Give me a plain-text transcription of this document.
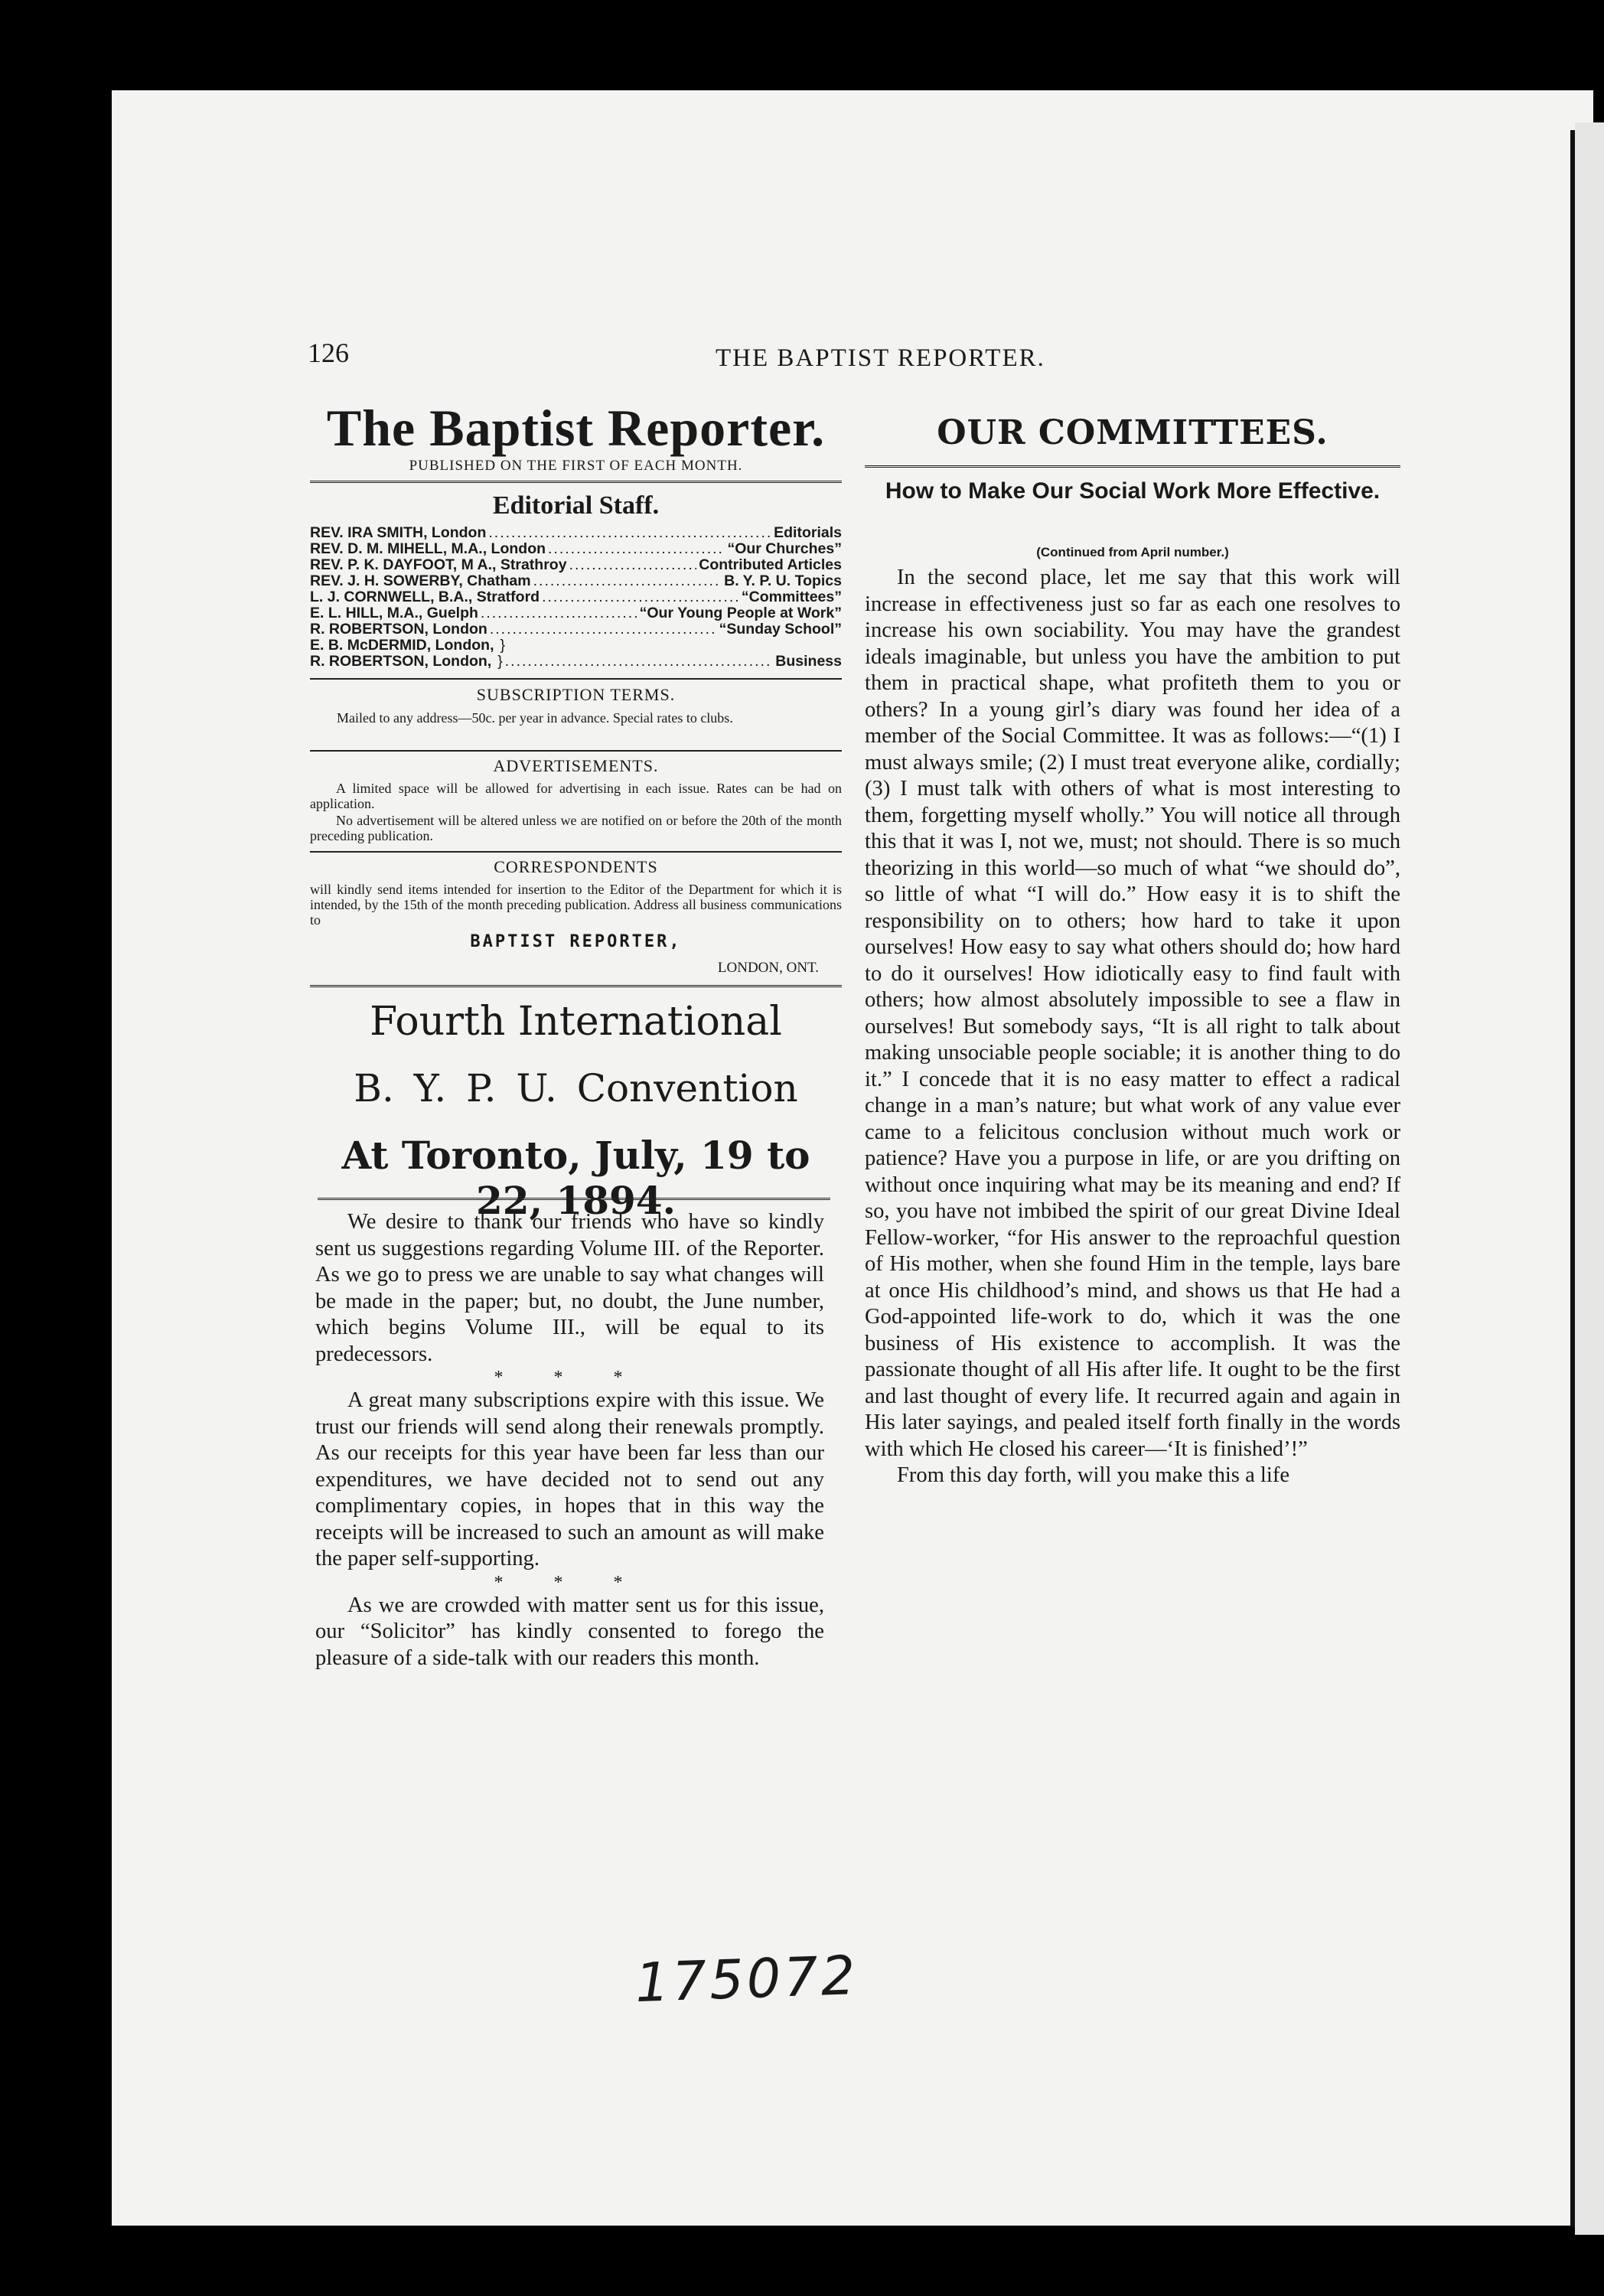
126	THE BAPTIST REPORTER.
The Baptist Reporter.
PUBLISHED ON THE FIRST OF EACH MONTH.
Editorial Staff.
REV. IRA SMITH, London .....	Editorials
REV. D. M. MIHELL, M.A., London .....	“Our Churches”
REV. P. K. DAYFOOT, M A., Strathroy .....	Contributed Articles
REV. J. H. SOWERBY, Chatham .....	B. Y. P. U. Topics
L. J. CORNWELL, B.A., Stratford .....	“Committees”
E. L. HILL, M.A., Guelph .....	“Our Young People at Work”
R. ROBERTSON, London .....	“Sunday School”
E. B. McDERMID, London, }
R. ROBERTSON, London, } .....	Business
SUBSCRIPTION TERMS.
Mailed to any address—50c. per year in advance. Special rates to clubs.
ADVERTISEMENTS.
A limited space will be allowed for advertising in each issue. Rates can be had on application.
No advertisement will be altered unless we are notified on or before the 20th of the month preceding publication.
CORRESPONDENTS
will kindly send items intended for insertion to the Editor of the Department for which it is intended, by the 15th of the month preceding publication. Address all business communications to
BAPTIST REPORTER,
LONDON, ONT.
Fourth International
B. Y. P. U. Convention
At Toronto, July, 19 to 22, 1894.

We desire to thank our friends who have so kindly sent us suggestions regarding Volume III. of the Reporter. As we go to press we are unable to say what changes will be made in the paper; but, no doubt, the June number, which begins Volume III., will be equal to its predecessors.

* * *

A great many subscriptions expire with this issue. We trust our friends will send along their renewals promptly. As our receipts for this year have been far less than our expenditures, we have decided not to send out any complimentary copies, in hopes that in this way the receipts will be increased to such an amount as will make the paper self-supporting.

* * *

As we are crowded with matter sent us for this issue, our “Solicitor” has kindly consented to forego the pleasure of a side-talk with our readers this month.

OUR COMMITTEES.
How to Make Our Social Work More Effective.
(Continued from April number.)

In the second place, let me say that this work will increase in effectiveness just so far as each one resolves to increase his own sociability. You may have the grandest ideals imaginable, but unless you have the ambition to put them in practical shape, what profiteth them to you or others? In a young girl’s diary was found her idea of a member of the Social Committee. It was as follows:—“(1) I must always smile; (2) I must treat everyone alike, cordially; (3) I must talk with others of what is most interesting to them, forgetting myself wholly.” You will notice all through this that it was I, not we, must; not should. There is so much theorizing in this world—so much of what “we should do”, so little of what “I will do.” How easy it is to shift the responsibility on to others; how hard to take it upon ourselves! How easy to say what others should do; how hard to do it ourselves! How idiotically easy to find fault with others; how almost absolutely impossible to see a flaw in ourselves! But somebody says, “It is all right to talk about making unsociable people sociable; it is another thing to do it.” I concede that it is no easy matter to effect a radical change in a man’s nature; but what work of any value ever came to a felicitous conclusion without much work or patience? Have you a purpose in life, or are you drifting on without once inquiring what may be its meaning and end? If so, you have not imbibed the spirit of our great Divine Ideal Fellow-worker, “for His answer to the reproachful question of His mother, when she found Him in the temple, lays bare at once His childhood’s mind, and shows us that He had a God-appointed life-work to do, which it was the one business of His existence to accomplish. It was the passionate thought of all His after life. It ought to be the first and last thought of every life. It recurred again and again in His later sayings, and pealed itself forth finally in the words with which He closed his career—‘It is finished’!”

From this day forth, will you make this a life

175072
